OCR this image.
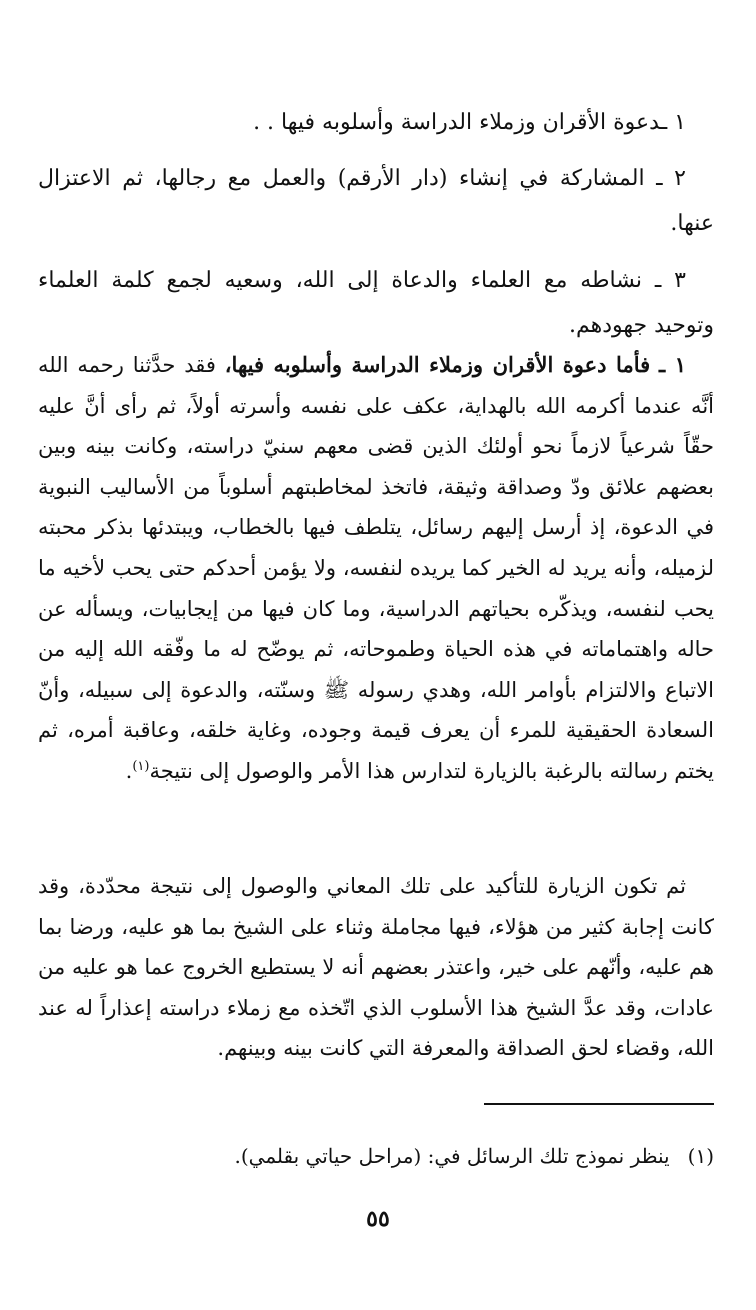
١ ـدعوة الأقران وزملاء الدراسة وأسلوبه فيها . .

٢ ـ المشاركة في إنشاء (دار الأرقم) والعمل مع رجالها، ثم الاعتزال عنها.

٣ ـ نشاطه مع العلماء والدعاة إلى الله، وسعيه لجمع كلمة العلماء وتوحيد جهودهم.

١ ـ فأما دعوة الأقران وزملاء الدراسة وأسلوبه فيها، فقد حدَّثنا رحمه الله أنَّه عندما أكرمه الله بالهداية، عكف على نفسه وأسرته أولاً، ثم رأى أنَّ عليه حقّاً شرعياً لازماً نحو أولئك الذين قضى معهم سنيّ دراسته، وكانت بينه وبين بعضهم علائق ودّ وصداقة وثيقة، فاتخذ لمخاطبتهم أسلوباً من الأساليب النبوية في الدعوة، إذ أرسل إليهم رسائل، يتلطف فيها بالخطاب، ويبتدئها بذكر محبته لزميله، وأنه يريد له الخير كما يريده لنفسه، ولا يؤمن أحدكم حتى يحب لأخيه ما يحب لنفسه، ويذكّره بحياتهم الدراسية، وما كان فيها من إيجابيات، ويسأله عن حاله واهتماماته في هذه الحياة وطموحاته، ثم يوضّح له ما وفّقه الله إليه من الاتباع والالتزام بأوامر الله، وهدي رسوله ﷺ وسنّته، والدعوة إلى سبيله، وأنّ السعادة الحقيقية للمرء أن يعرف قيمة وجوده، وغاية خلقه، وعاقبة أمره، ثم يختم رسالته بالرغبة بالزيارة لتدارس هذا الأمر والوصول إلى نتيجة$^{(١)}$.

ثم تكون الزيارة للتأكيد على تلك المعاني والوصول إلى نتيجة محدّدة، وقد كانت إجابة كثير من هؤلاء، فيها مجاملة وثناء على الشيخ بما هو عليه، ورضا بما هم عليه، وأنّهم على خير، واعتذر بعضهم أنه لا يستطيع الخروج عما هو عليه من عادات، وقد عدَّ الشيخ هذا الأسلوب الذي اتّخذه مع زملاء دراسته إعذاراً له عند الله، وقضاء لحق الصداقة والمعرفة التي كانت بينه وبينهم.

(١)ينظر نموذج تلك الرسائل في: (مراحل حياتي بقلمي).
٥٥
